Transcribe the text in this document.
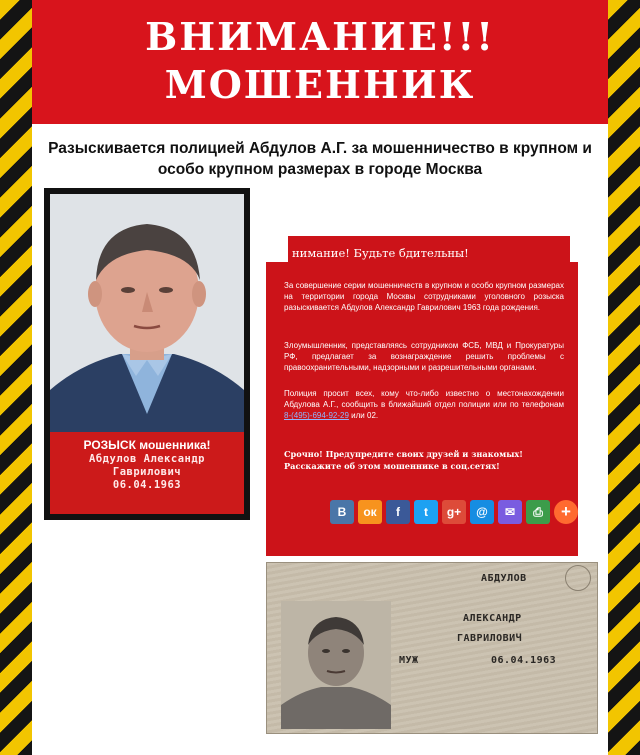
ВНИМАНИЕ!!!
МОШЕННИК
Разыскивается полицией Абдулов А.Г. за мошенничество в крупном и особо крупном размерах в городе Москва
РОЗЫСК мошенника!
Абдулов Александр
Гаврилович
06.04.1963
нимание! Будьте бдительны!
За совершение серии мошенничеств в крупном и особо крупном размерах на территории города Москвы сотрудниками уголовного розыска разыскивается Абдулов Александр Гаврилович 1963 года рождения.
Злоумышленник, представляясь сотрудником ФСБ, МВД и Прокуратуры РФ, предлагает за вознаграждение решить проблемы с правоохранительными, надзорными и разрешительными органами.
Полиция просит всех, кому что-либо известно о местонахождении Абдулова А.Г., сообщить в ближайший отдел полиции или по телефонам 8-(495)-694-92-29 или 02.
Срочно! Предупредите своих друзей и знакомых!
Расскажите об этом мошеннике в соц.сетях!
B	ок	f	t	g+	@	✉	⎙	+
АБДУЛОВ
АЛЕКСАНДР
ГАВРИЛОВИЧ
МУЖ	06.04.1963
